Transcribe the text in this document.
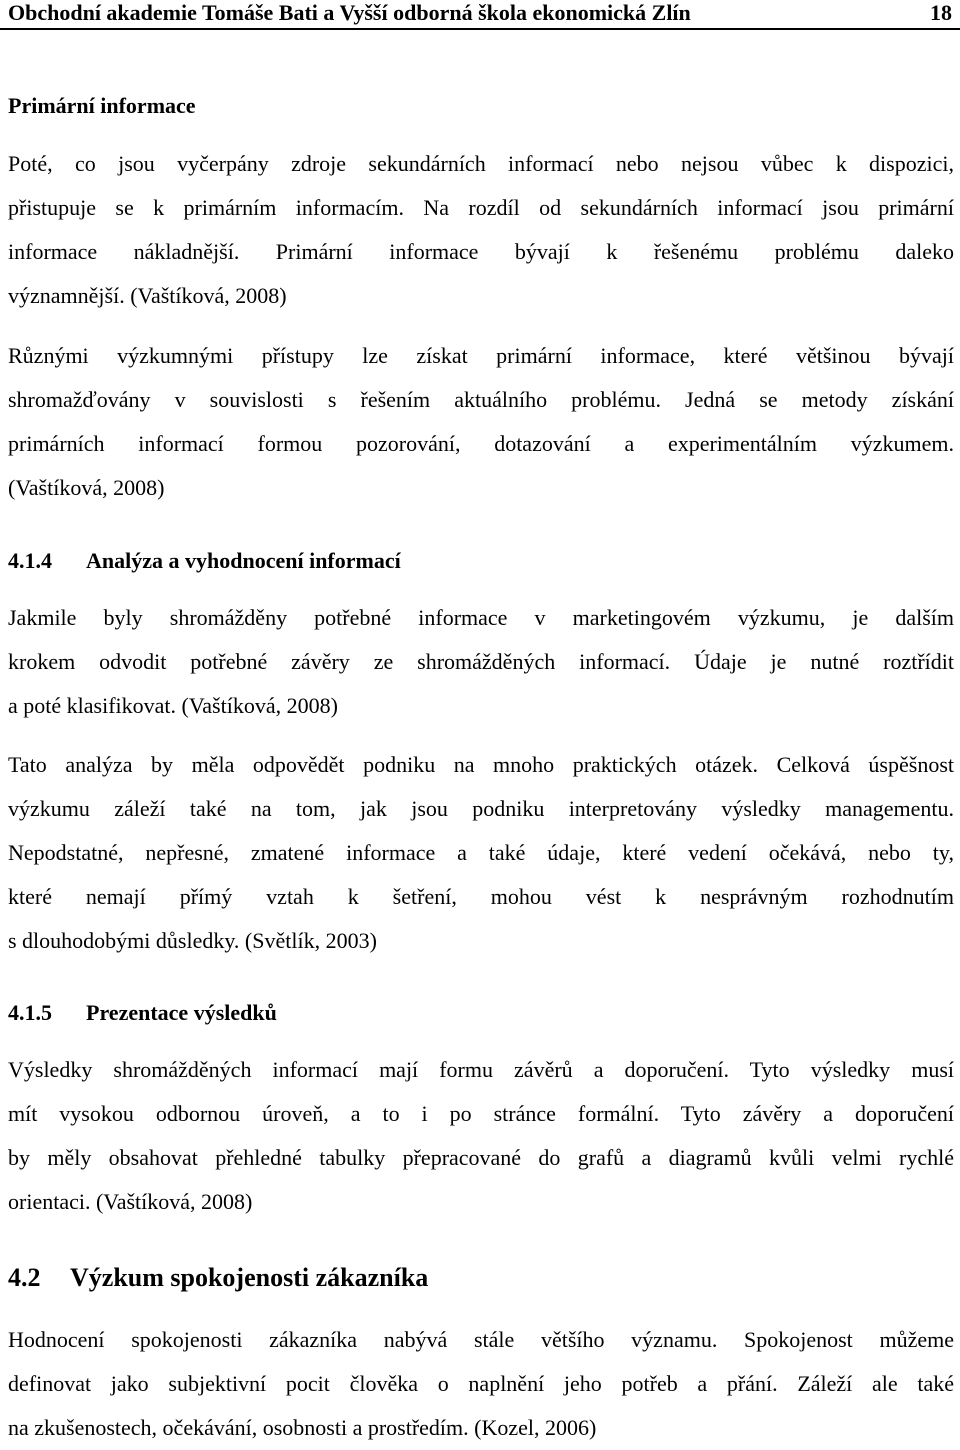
Obchodní akademie Tomáše Bati a Vyšší odborná škola ekonomická Zlín	18
Primární informace
Poté, co jsou vyčerpány zdroje sekundárních informací nebo nejsou vůbec k dispozici,
přistupuje se k primárním informacím. Na rozdíl od sekundárních informací jsou primární
informace nákladnější. Primární informace bývají k řešenému problému daleko
významnější. (Vaštíková, 2008)
Různými výzkumnými přístupy lze získat primární informace, které většinou bývají
shromažďovány v souvislosti s řešením aktuálního problému. Jedná se metody získání
primárních informací formou pozorování, dotazování a experimentálním výzkumem.
(Vaštíková, 2008)
4.1.4 Analýza a vyhodnocení informací
Jakmile byly shromážděny potřebné informace v marketingovém výzkumu, je dalším
krokem odvodit potřebné závěry ze shromážděných informací. Údaje je nutné roztřídit
a poté klasifikovat. (Vaštíková, 2008)
Tato analýza by měla odpovědět podniku na mnoho praktických otázek. Celková úspěšnost
výzkumu záleží také na tom, jak jsou podniku interpretovány výsledky managementu.
Nepodstatné, nepřesné, zmatené informace a také údaje, které vedení očekává, nebo ty,
které nemají přímý vztah k šetření, mohou vést k nesprávným rozhodnutím
s dlouhodobými důsledky. (Světlík, 2003)
4.1.5 Prezentace výsledků
Výsledky shromážděných informací mají formu závěrů a doporučení. Tyto výsledky musí
mít vysokou odbornou úroveň, a to i po stránce formální. Tyto závěry a doporučení
by měly obsahovat přehledné tabulky přepracované do grafů a diagramů kvůli velmi rychlé
orientaci. (Vaštíková, 2008)
4.2 Výzkum spokojenosti zákazníka
Hodnocení spokojenosti zákazníka nabývá stále většího významu. Spokojenost můžeme
definovat jako subjektivní pocit člověka o naplnění jeho potřeb a přání. Záleží ale také
na zkušenostech, očekávání, osobnosti a prostředím. (Kozel, 2006)
